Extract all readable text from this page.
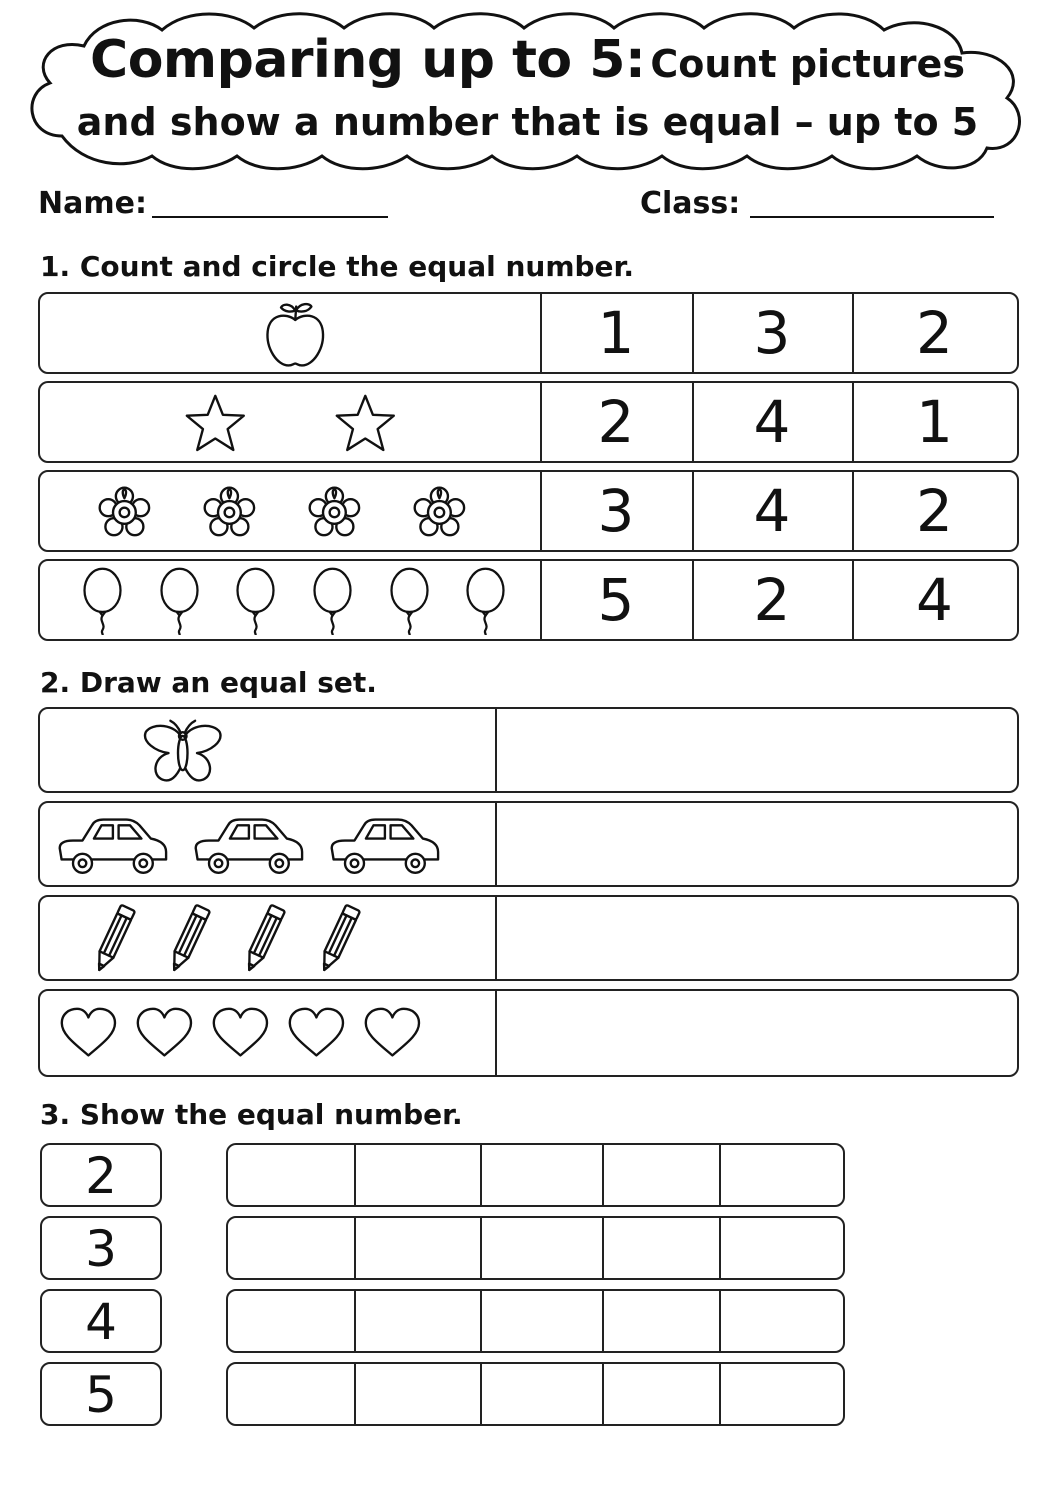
Comparing up to 5: Count pictures
and show a number that is equal – up to 5
Name:	Class:
1. Count and circle the equal number.
1	3	2
2	4	1
3	4	2
5	2	4
2. Draw an equal set.
3. Show the equal number.
2
3
4
5
